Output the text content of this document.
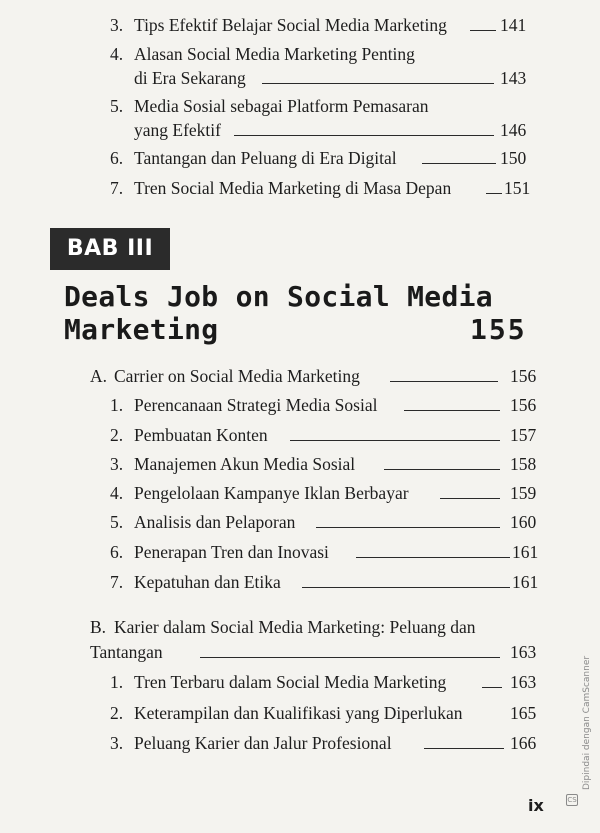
3. Tips Efektif Belajar Social Media Marketing	141
4. Alasan Social Media Marketing Penting
di Era Sekarang	143
5. Media Sosial sebagai Platform Pemasaran
yang Efektif	146
6. Tantangan dan Peluang di Era Digital	150
7. Tren Social Media Marketing di Masa Depan	151
BAB III
Deals Job on Social Media
Marketing	155
A. Carrier on Social Media Marketing	156
1. Perencanaan Strategi Media Sosial	156
2. Pembuatan Konten	157
3. Manajemen Akun Media Sosial	158
4. Pengelolaan Kampanye Iklan Berbayar	159
5. Analisis dan Pelaporan	160
6. Penerapan Tren dan Inovasi	161
7. Kepatuhan dan Etika	161
B. Karier dalam Social Media Marketing: Peluang dan
Tantangan	163
1. Tren Terbaru dalam Social Media Marketing	163
2. Keterampilan dan Kualifikasi yang Diperlukan	165
3. Peluang Karier dan Jalur Profesional	166
ix	CS
Dipindai dengan CamScanner
